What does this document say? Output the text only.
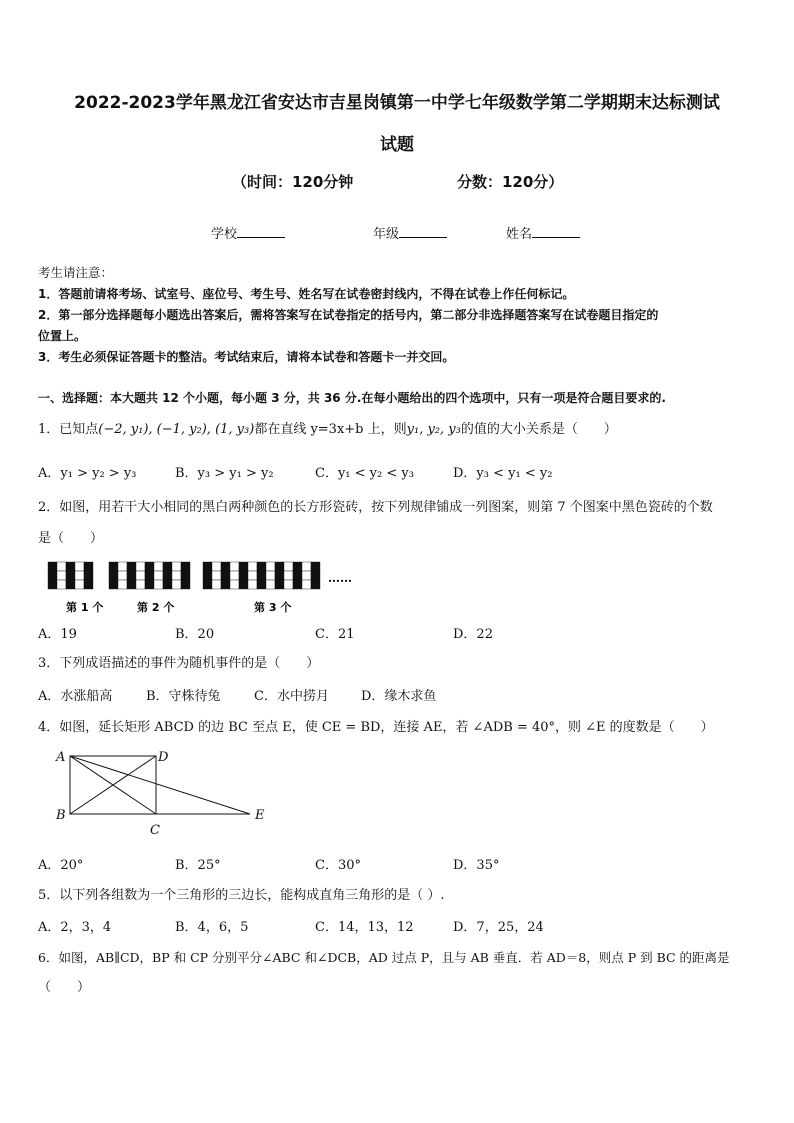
2022-2023学年黑龙江省安达市吉星岗镇第一中学七年级数学第二学期期末达标测试
试题
（时间：120分钟	分数：120分）
学校	年级	姓名
考生请注意：
1．答题前请将考场、试室号、座位号、考生号、姓名写在试卷密封线内，不得在试卷上作任何标记。
2．第一部分选择题每小题选出答案后，需将答案写在试卷指定的括号内，第二部分非选择题答案写在试卷题目指定的
位置上。
3．考生必须保证答题卡的整洁。考试结束后，请将本试卷和答题卡一并交回。
一、选择题：本大题共 12 个小题，每小题 3 分，共 36 分.在每小题给出的四个选项中，只有一项是符合题目要求的.
1．已知点(−2, y₁), (−1, y₂), (1, y₃)都在直线 y=3x+b 上，则y₁, y₂, y₃的值的大小关系是（　　）
A．y₁ > y₂ > y₃	B．y₃ > y₁ > y₂	C．y₁ < y₂ < y₃	D．y₃ < y₁ < y₂
2．如图，用若干大小相同的黑白两种颜色的长方形瓷砖，按下列规律铺成一列图案，则第 7 个图案中黑色瓷砖的个数
是（　　）
第 1 个	第 2 个	第 3 个
……
A．19	B．20	C．21	D．22
3．下列成语描述的事件为随机事件的是（　　）
A．水涨船高	B．守株待兔	C．水中捞月 D．缘木求鱼
4．如图，延长矩形 ABCD 的边 BC 至点 E，使 CE = BD，连接 AE，若 ∠ADB = 40°，则 ∠E 的度数是（　　）
A	D
B
C
E
A．20°	B．25°	C．30°	D．35°
5．以下列各组数为一个三角形的三边长，能构成直角三角形的是（ ）.
A．2，3，4	B．4，6，5	C．14，13，12	D．7，25，24
6．如图，AB∥CD，BP 和 CP 分别平分∠ABC 和∠DCB，AD 过点 P，且与 AB 垂直．若 AD＝8，则点 P 到 BC 的距离是
（　　）
